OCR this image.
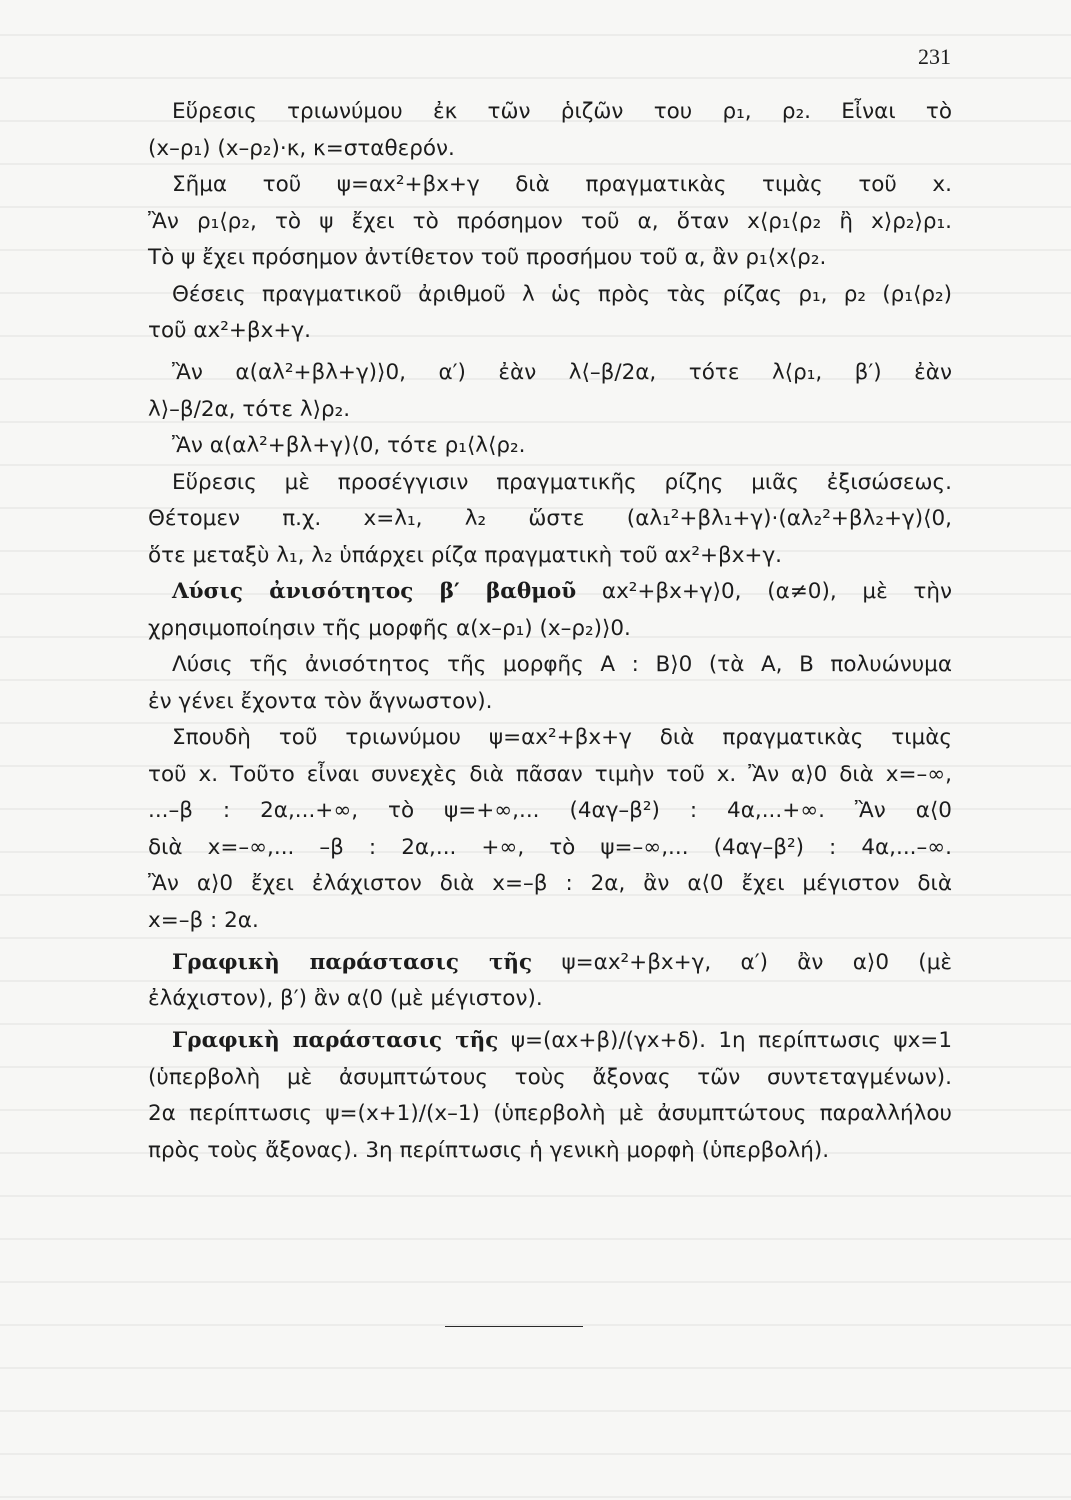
231
Εὕρεσις τριωνύμου ἐκ τῶν ῥιζῶν του ρ₁, ρ₂. Εἶναι τὸ
(x–ρ₁) (x–ρ₂)·κ, κ=σταθερόν.
Σῆμα τοῦ ψ=αx²+βx+γ διὰ πραγματικὰς τιμὰς τοῦ x.
Ἂν ρ₁⟨ρ₂, τὸ ψ ἔχει τὸ πρόσημον τοῦ α, ὅταν x⟨ρ₁⟨ρ₂ ἢ x⟩ρ₂⟩ρ₁.
Τὸ ψ ἔχει πρόσημον ἀντίθετον τοῦ προσήμου τοῦ α, ἂν ρ₁⟨x⟨ρ₂.
Θέσεις πραγματικοῦ ἀριθμοῦ λ ὡς πρὸς τὰς ρίζας ρ₁, ρ₂ (ρ₁⟨ρ₂)
τοῦ αx²+βx+γ.
Ἂν α(αλ²+βλ+γ)⟩0, α′) ἐὰν λ⟨–β/2α, τότε λ⟨ρ₁, β′) ἐὰν
λ⟩–β/2α, τότε λ⟩ρ₂.
Ἂν α(αλ²+βλ+γ)⟨0, τότε ρ₁⟨λ⟨ρ₂.
Εὕρεσις μὲ προσέγγισιν πραγματικῆς ρίζης μιᾶς ἐξισώσεως.
Θέτομεν π.χ. x=λ₁, λ₂ ὥστε (αλ₁²+βλ₁+γ)·(αλ₂²+βλ₂+γ)⟨0,
ὅτε μεταξὺ λ₁, λ₂ ὑπάρχει ρίζα πραγματικὴ τοῦ αx²+βx+γ.
Λύσις ἀνισότητος β′ βαθμοῦ αx²+βx+γ⟩0, (α≠0), μὲ τὴν
χρησιμοποίησιν τῆς μορφῆς α(x–ρ₁) (x–ρ₂)⟩0.
Λύσις τῆς ἀνισότητος τῆς μορφῆς Α : Β⟩0 (τὰ Α, Β πολυώνυμα
ἐν γένει ἔχοντα τὸν ἄγνωστον).
Σπουδὴ τοῦ τριωνύμου ψ=αx²+βx+γ διὰ πραγματικὰς τιμὰς
τοῦ x. Τοῦτο εἶναι συνεχὲς διὰ πᾶσαν τιμὴν τοῦ x. Ἂν α⟩0 διὰ x=–∞,
...–β : 2α,...+∞, τὸ ψ=+∞,... (4αγ–β²) : 4α,...+∞. Ἂν α⟨0
διὰ x=–∞,... –β : 2α,... +∞, τὸ ψ=–∞,... (4αγ–β²) : 4α,...–∞.
Ἂν α⟩0 ἔχει ἐλάχιστον διὰ x=–β : 2α, ἂν α⟨0 ἔχει μέγιστον διὰ
x=–β : 2α.
Γραφικὴ παράστασις τῆς ψ=αx²+βx+γ, α′) ἂν α⟩0 (μὲ
ἐλάχιστον), β′) ἂν α⟨0 (μὲ μέγιστον).
Γραφικὴ παράστασις τῆς ψ=(αx+β)/(γx+δ). 1η περίπτωσις ψx=1
(ὑπερβολὴ μὲ ἀσυμπτώτους τοὺς ἄξονας τῶν συντεταγμένων).
2α περίπτωσις ψ=(x+1)/(x–1) (ὑπερβολὴ μὲ ἀσυμπτώτους παραλλήλου
πρὸς τοὺς ἄξονας). 3η περίπτωσις ἡ γενικὴ μορφὴ (ὑπερβολή).
